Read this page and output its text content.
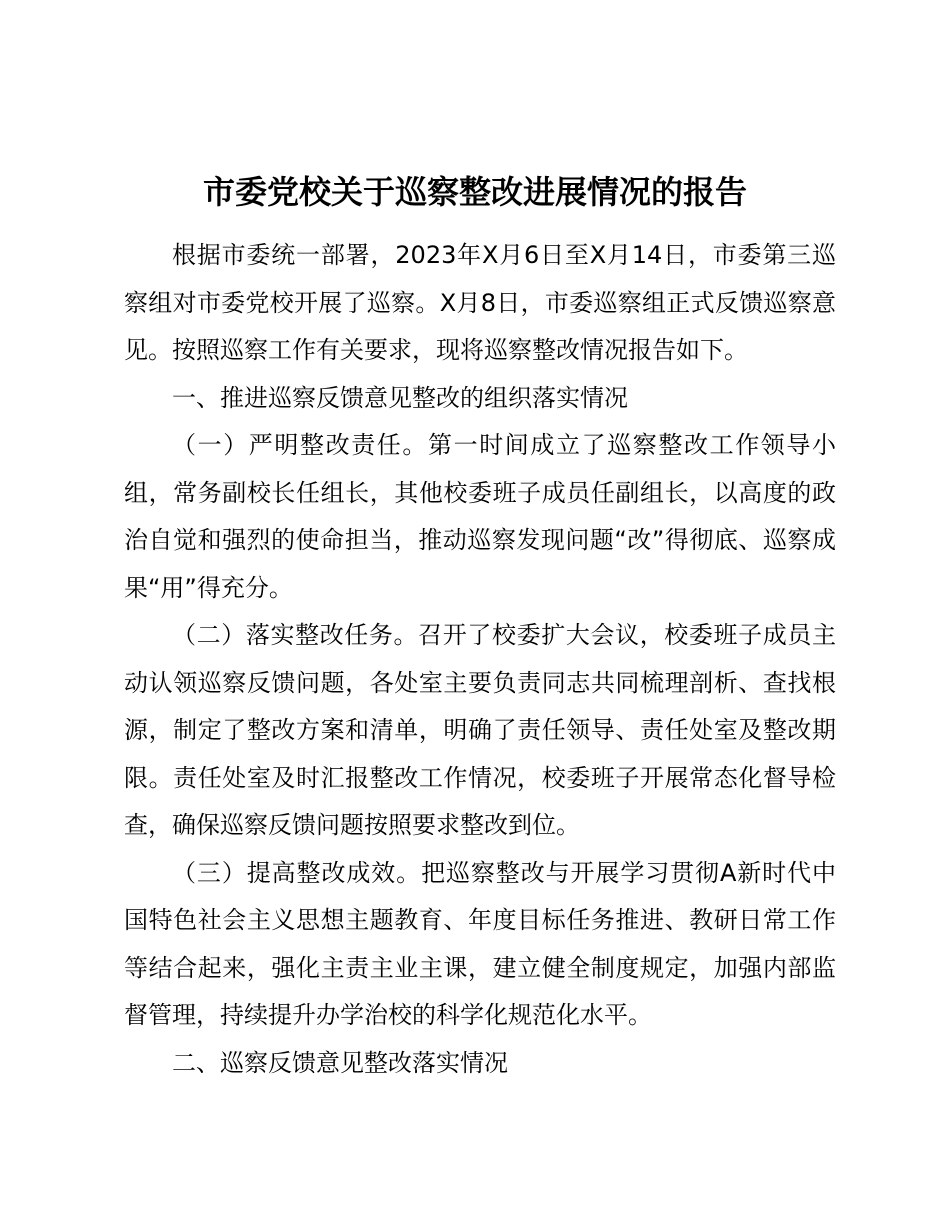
市委党校关于巡察整改进展情况的报告

根据市委统一部署，2023年X月6日至X月14日，市委第三巡察组对市委党校开展了巡察。X月8日，市委巡察组正式反馈巡察意见。按照巡察工作有关要求，现将巡察整改情况报告如下。

一、推进巡察反馈意见整改的组织落实情况

（一）严明整改责任。第一时间成立了巡察整改工作领导小组，常务副校长任组长，其他校委班子成员任副组长，以高度的政治自觉和强烈的使命担当，推动巡察发现问题“改”得彻底、巡察成果“用”得充分。

（二）落实整改任务。召开了校委扩大会议，校委班子成员主动认领巡察反馈问题，各处室主要负责同志共同梳理剖析、查找根源，制定了整改方案和清单，明确了责任领导、责任处室及整改期限。责任处室及时汇报整改工作情况，校委班子开展常态化督导检查，确保巡察反馈问题按照要求整改到位。

（三）提高整改成效。把巡察整改与开展学习贯彻A新时代中国特色社会主义思想主题教育、年度目标任务推进、教研日常工作等结合起来，强化主责主业主课，建立健全制度规定，加强内部监督管理，持续提升办学治校的科学化规范化水平。

二、巡察反馈意见整改落实情况
